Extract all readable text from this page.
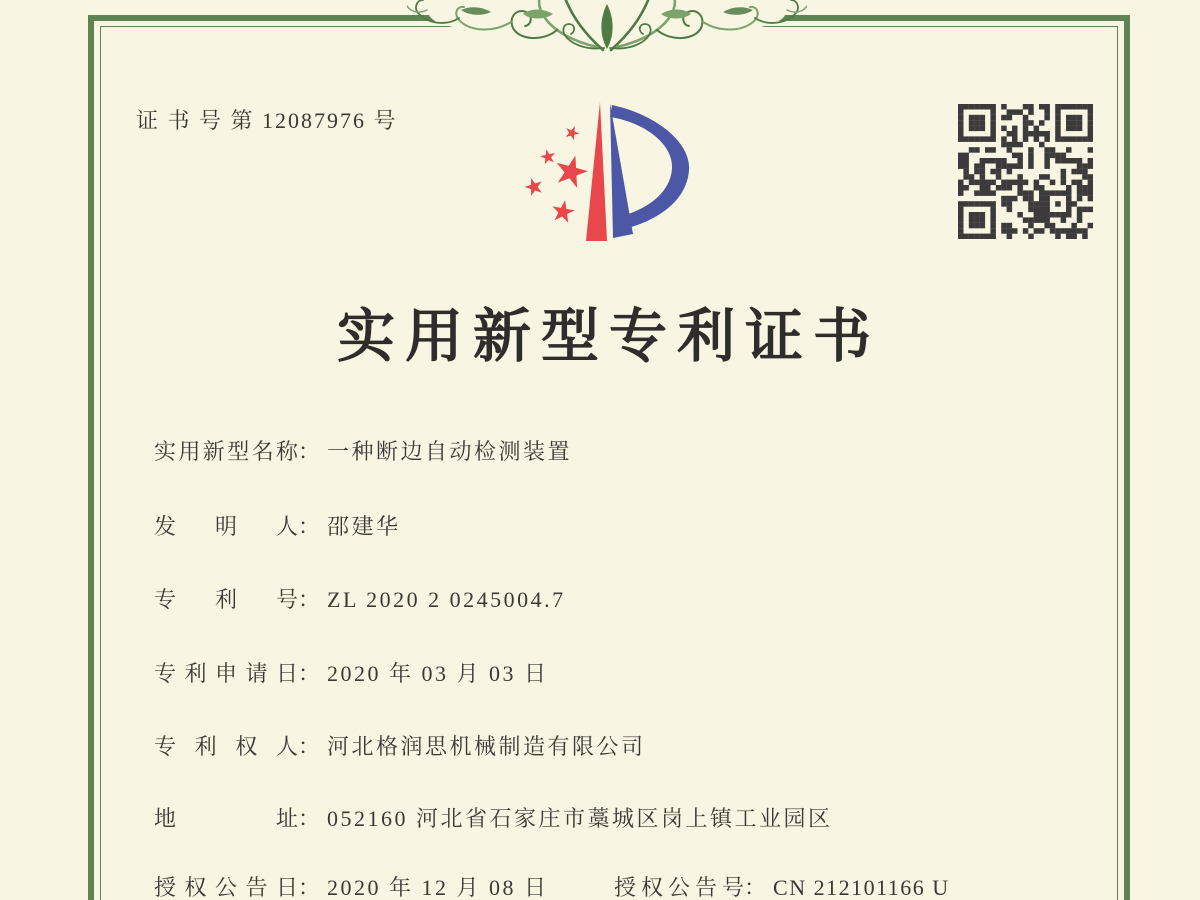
证 书 号 第 12087976 号
实用新型专利证书
实用新型名称： 一种断边自动检测装置
发明人： 邵建华
专利号： ZL 2020 2 0245004.7
专利申请日： 2020 年 03 月 03 日
专利权人： 河北格润思机械制造有限公司
地址： 052160 河北省石家庄市藁城区岗上镇工业园区
授权公告日： 2020 年 12 月 08 日	授权公告号： CN 212101166 U
